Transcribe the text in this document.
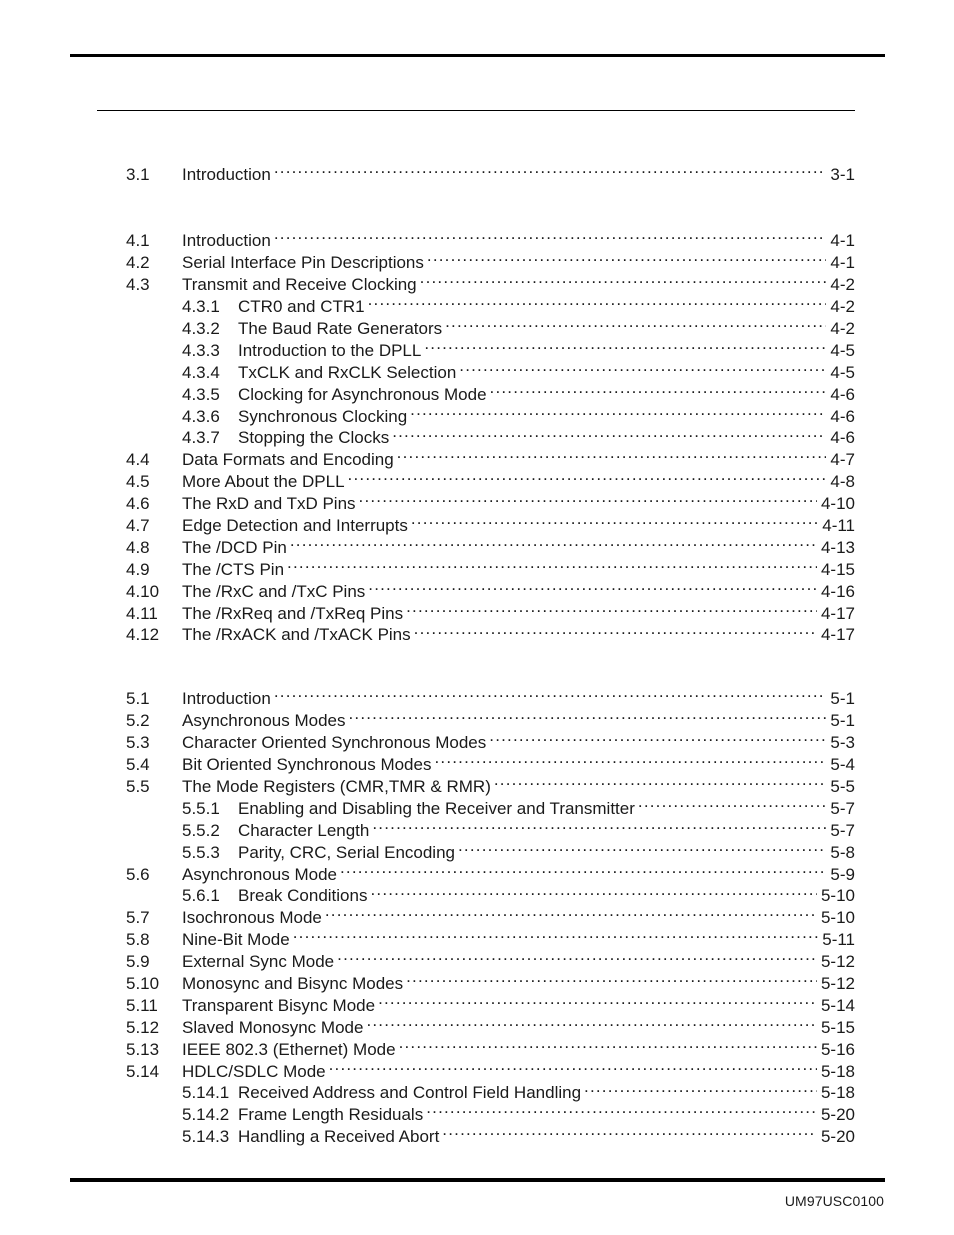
3.1	Introduction .....	3-1
4.1	Introduction .....	4-1
4.2	Serial Interface Pin Descriptions .....	4-1
4.3	Transmit and Receive Clocking .....	4-2
4.3.1	CTR0 and CTR1 .....	4-2
4.3.2	The Baud Rate Generators .....	4-2
4.3.3	Introduction to the DPLL .....	4-5
4.3.4	TxCLK and RxCLK Selection .....	4-5
4.3.5	Clocking for Asynchronous Mode .....	4-6
4.3.6	Synchronous Clocking .....	4-6
4.3.7	Stopping the Clocks .....	4-6
4.4	Data Formats and Encoding .....	4-7
4.5	More About the DPLL .....	4-8
4.6	The RxD and TxD Pins .....	4-10
4.7	Edge Detection and Interrupts .....	4-11
4.8	The /DCD Pin .....	4-13
4.9	The /CTS Pin .....	4-15
4.10	The /RxC and /TxC Pins .....	4-16
4.11	The /RxReq and /TxReq Pins .....	4-17
4.12	The /RxACK and /TxACK Pins .....	4-17
5.1	Introduction .....	5-1
5.2	Asynchronous Modes .....	5-1
5.3	Character Oriented Synchronous Modes .....	5-3
5.4	Bit Oriented Synchronous Modes .....	5-4
5.5	The Mode Registers (CMR,TMR & RMR) .....	5-5
5.5.1	Enabling and Disabling the Receiver and Transmitter .....	5-7
5.5.2	Character Length .....	5-7
5.5.3	Parity, CRC, Serial Encoding .....	5-8
5.6	Asynchronous Mode .....	5-9
5.6.1	Break Conditions .....	5-10
5.7	Isochronous Mode .....	5-10
5.8	Nine-Bit Mode .....	5-11
5.9	External Sync Mode .....	5-12
5.10	Monosync and Bisync Modes .....	5-12
5.11	Transparent Bisync Mode .....	5-14
5.12	Slaved Monosync Mode .....	5-15
5.13	IEEE 802.3 (Ethernet) Mode .....	5-16
5.14	HDLC/SDLC Mode .....	5-18
5.14.1 Received Address and Control Field Handling .....	5-18
5.14.2 Frame Length Residuals .....	5-20
5.14.3 Handling a Received Abort .....	5-20
UM97USC0100
